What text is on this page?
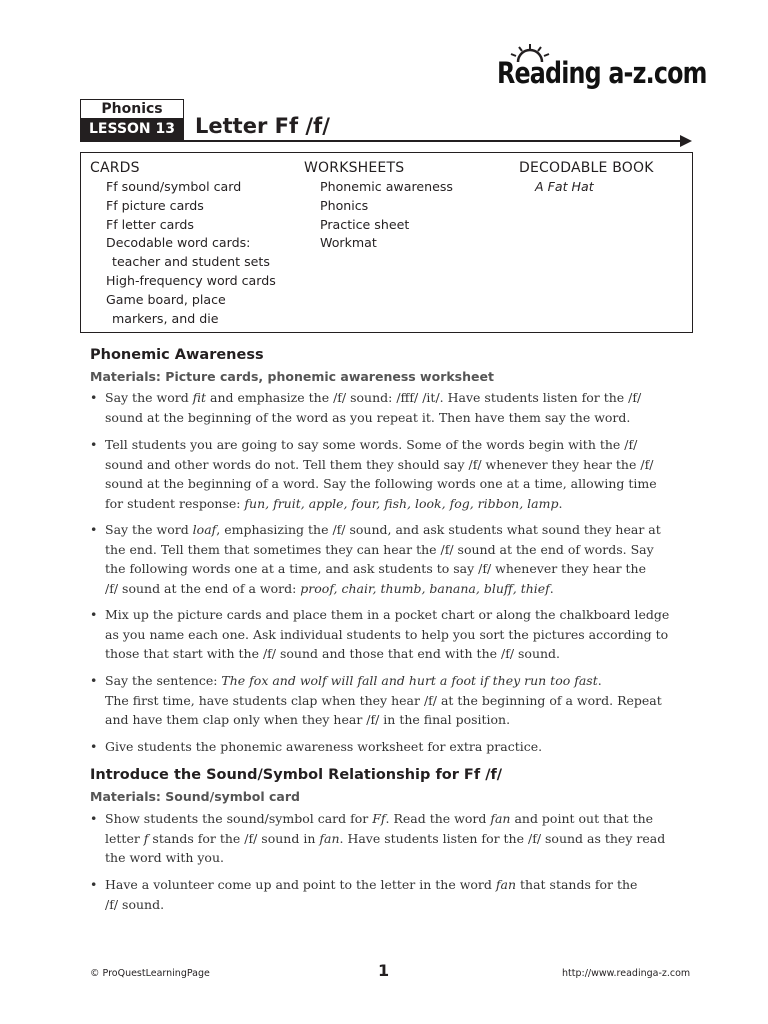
Reading a-z.com
Phonics
LESSON 13 Letter Ff /f/
CARDS
Ff sound/symbol card
Ff picture cards
Ff letter cards
Decodable word cards:
teacher and student sets
High-frequency word cards
Game board, place
markers, and die
WORKSHEETS
Phonemic awareness
Phonics
Practice sheet
Workmat
DECODABLE BOOK
A Fat Hat
Phonemic Awareness
Materials: Picture cards, phonemic awareness worksheet
• Say the word fit and emphasize the /f/ sound: /fff/ /it/. Have students listen for the /f/
sound at the beginning of the word as you repeat it. Then have them say the word.
• Tell students you are going to say some words. Some of the words begin with the /f/
sound and other words do not. Tell them they should say /f/ whenever they hear the /f/
sound at the beginning of a word. Say the following words one at a time, allowing time
for student response: fun, fruit, apple, four, fish, look, fog, ribbon, lamp.
• Say the word loaf, emphasizing the /f/ sound, and ask students what sound they hear at
the end. Tell them that sometimes they can hear the /f/ sound at the end of words. Say
the following words one at a time, and ask students to say /f/ whenever they hear the
/f/ sound at the end of a word: proof, chair, thumb, banana, bluff, thief.
• Mix up the picture cards and place them in a pocket chart or along the chalkboard ledge
as you name each one. Ask individual students to help you sort the pictures according to
those that start with the /f/ sound and those that end with the /f/ sound.
• Say the sentence: The fox and wolf will fall and hurt a foot if they run too fast.
The first time, have students clap when they hear /f/ at the beginning of a word. Repeat
and have them clap only when they hear /f/ in the final position.
• Give students the phonemic awareness worksheet for extra practice.
Introduce the Sound/Symbol Relationship for Ff /f/
Materials: Sound/symbol card
• Show students the sound/symbol card for Ff. Read the word fan and point out that the
letter f stands for the /f/ sound in fan. Have students listen for the /f/ sound as they read
the word with you.
• Have a volunteer come up and point to the letter in the word fan that stands for the
/f/ sound.
© ProQuestLearningPage	1	http://www.readinga-z.com
